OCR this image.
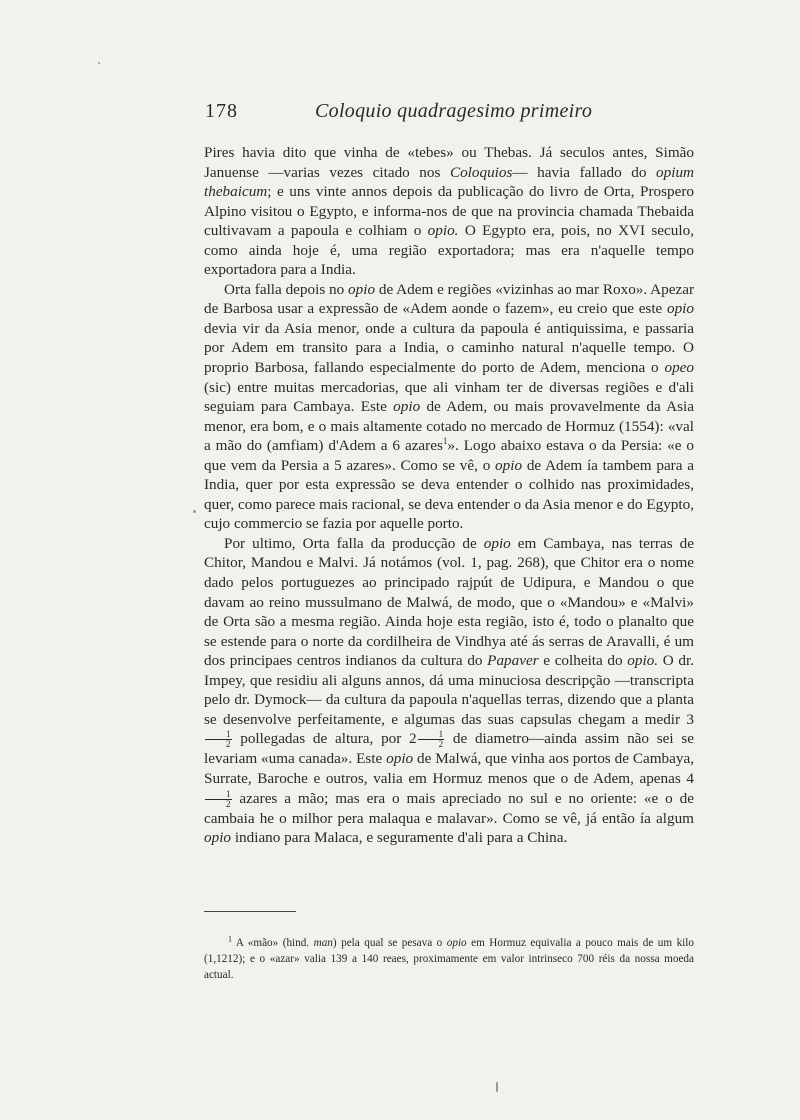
178	Coloquio quadragesimo primeiro

Pires havia dito que vinha de «tebes» ou Thebas. Já seculos antes, Simão Januense —varias vezes citado nos Coloquios— havia fallado do opium thebaicum; e uns vinte annos depois da publicação do livro de Orta, Prospero Alpino visitou o Egypto, e informa-nos de que na provincia chamada Thebaida cultivavam a papoula e colhiam o opio. O Egypto era, pois, no XVI seculo, como ainda hoje é, uma região exportadora; mas era n'aquelle tempo exportadora para a India.

Orta falla depois no opio de Adem e regiões «vizinhas ao mar Roxo». Apezar de Barbosa usar a expressão de «Adem aonde o fazem», eu creio que este opio devia vir da Asia menor, onde a cultura da papoula é antiquissima, e passaria por Adem em transito para a India, o caminho natural n'aquelle tempo. O proprio Barbosa, fallando especialmente do porto de Adem, menciona o opeo (sic) entre muitas mercadorias, que ali vinham ter de diversas regiões e d'ali seguiam para Cambaya. Este opio de Adem, ou mais provavelmente da Asia menor, era bom, e o mais altamente cotado no mercado de Hormuz (1554): «val a mão do (amfiam) d'Adem a 6 azares$^1$». Logo abaixo estava o da Persia: «e o que vem da Persia a 5 azares». Como se vê, o opio de Adem ía tambem para a India, quer por esta expressão se deva entender o colhido nas proximidades, quer, como parece mais racional, se deva entender o da Asia menor e do Egypto, cujo commercio se fazia por aquelle porto.

Por ultimo, Orta falla da producção de opio em Cambaya, nas terras de Chitor, Mandou e Malvi. Já notámos (vol. 1, pag. 268), que Chitor era o nome dado pelos portuguezes ao principado rajpút de Udipura, e Mandou o que davam ao reino mussulmano de Malwá, de modo, que o «Mandou» e «Malvi» de Orta são a mesma região. Ainda hoje esta região, isto é, todo o planalto que se estende para o norte da cordilheira de Vindhya até ás serras de Aravalli, é um dos principaes centros indianos da cultura do Papaver e colheita do opio. O dr. Impey, que residiu ali alguns annos, dá uma minuciosa descripção —transcripta pelo dr. Dymock— da cultura da papoula n'aquellas terras, dizendo que a planta se desenvolve perfeitamente, e algumas das suas capsulas chegam a medir 3
$\frac{1}{2}$ pollegadas de altura, por $2 \frac{1}{2}$ de diametro—ainda assim não sei se levariam «uma canada». Este opio de Malwá, que vinha aos portos de Cambaya, Surrate, Baroche e outros, valia em Hormuz menos que o de Adem, apenas 4
$\frac{1}{2}$ azares a mão; mas era o mais apreciado no sul e no oriente: «e o de cambaia he o milhor pera malaqua e malavar». Como se vê, já então ía algum opio indiano para Malaca, e seguramente d'ali para a China.

$^1$ A «mão» (hind. man) pela qual se pesava o opio em Hormuz equivalia a pouco mais de um kilo (1,1212); e o «azar» valia 139 a 140 reaes, proximamente em valor intrinseco 700 réis da nossa moeda actual.
